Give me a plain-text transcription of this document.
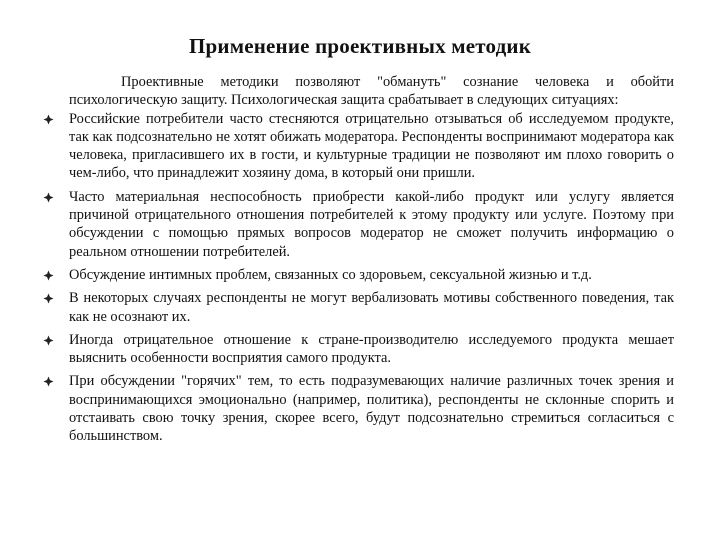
Применение проективных методик

Проективные методики позволяют "обмануть" сознание человека и обойти психологическую защиту. Психологическая защита срабатывает в следующих ситуациях:

Российские потребители часто стесняются отрицательно отзываться об исследуемом продукте, так как подсознательно не хотят обижать модератора. Респонденты воспринимают модератора как человека, пригласившего их в гости, и культурные традиции не позволяют им плохо говорить о чем-либо, что принадлежит хозяину дома, в который они пришли.
Часто материальная неспособность приобрести какой-либо продукт или услугу является причиной отрицательного отношения потребителей к этому продукту или услуге. Поэтому при обсуждении с помощью прямых вопросов модератор не сможет получить информацию о реальном отношении потребителей.
Обсуждение интимных проблем, связанных со здоровьем, сексуальной жизнью и т.д.
В некоторых случаях респонденты не могут вербализовать мотивы собственного поведения, так как не осознают их.
Иногда отрицательное отношение к стране-производителю исследуемого продукта мешает выяснить особенности восприятия самого продукта.
При обсуждении "горячих" тем, то есть подразумевающих наличие различных точек зрения и воспринимающихся эмоционально (например, политика), респонденты не склонные спорить и отстаивать свою точку зрения, скорее всего, будут подсознательно стремиться согласиться с большинством.
